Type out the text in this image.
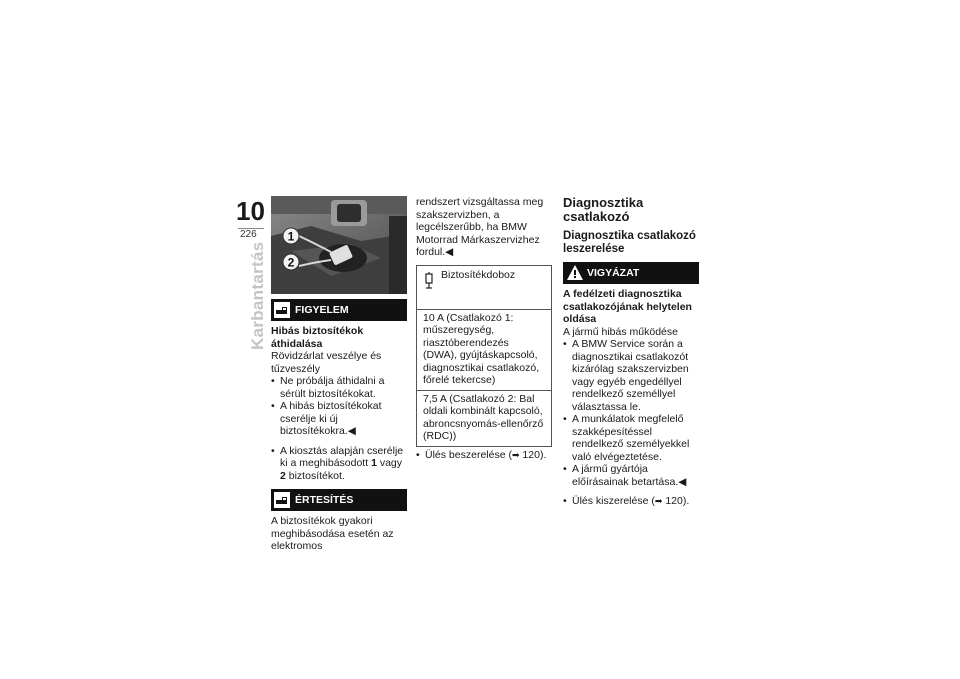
10
226
Karbantartás
1
2
FIGYELEM

Hibás biztosítékok áthidalása

Rövidzárlat veszélye és tűzveszély

• Ne próbálja áthidalni a sérült biztosítékokat.
• A hibás biztosítékokat cserélje ki új biztosítékokra.◀
• A kiosztás alapján cserélje ki a meghibásodott 1 vagy 2 biztosítékot.
ÉRTESÍTÉS

A biztosítékok gyakori meghibásodása esetén az elektromos

rendszert vizsgáltassa meg szakszervizben, a legcélszerűbb, ha BMW Motorrad Márkaszervizhez fordul.◀

Biztosítékdoboz
10 A (Csatlakozó 1: műszeregység, riasztóberendezés (DWA), gyújtáskapcsoló, diagnosztikai csatlakozó, főrelé tekercse)
7,5 A (Csatlakozó 2: Bal oldali kombinált kapcsoló, abroncsnyomás-ellenőrző (RDC))
• Ülés beszerelése (➡ 120).

Diagnosztika csatlakozó

Diagnosztika csatlakozó leszerelése

VIGYÁZAT

A fedélzeti diagnosztika csatlakozójának helytelen oldása

A jármű hibás működése

• A BMW Service során a diagnosztikai csatlakozót kizárólag szakszervizben vagy egyéb engedéllyel rendelkező személlyel választassa le.
• A munkálatok megfelelő szakképesítéssel rendelkező személyekkel való elvégeztetése.
• A jármű gyártója előírásainak betartása.◀
• Ülés kiszerelése (➡ 120).
